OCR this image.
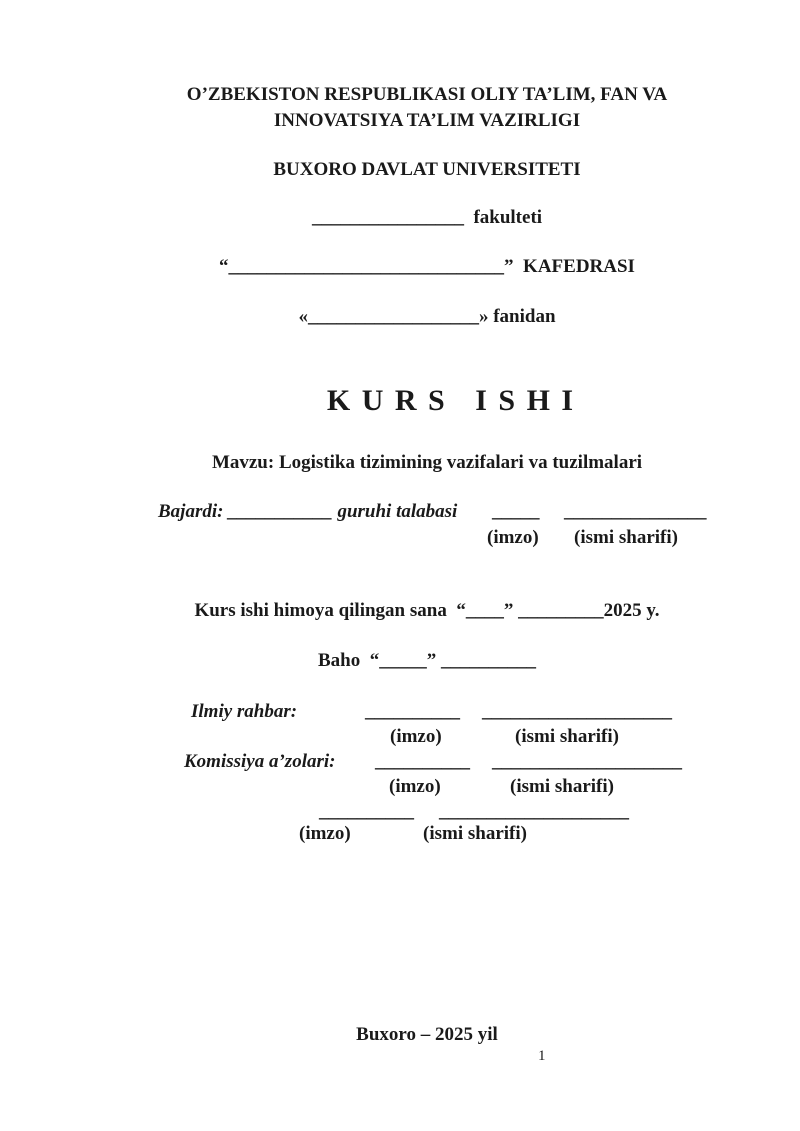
O’ZBEKISTON RESPUBLIKASI OLIY TA’LIM, FAN VA
INNOVATSIYA TA’LIM VAZIRLIGI
BUXORO DAVLAT UNIVERSITETI
________________  fakulteti
“_____________________________”  KAFEDRASI
«__________________» fanidan
K U R S   I S H I
Mavzu: Logistika tizimining vazifalari va tuzilmalari
Bajardi: ___________ guruhi talabasi _____ _______________
(imzo) (ismi sharifi)
Kurs ishi himoya qilingan sana  “____” _________2025 y.
Baho  “_____” __________
Ilmiy rahbar:	__________ ____________________
(imzo)	(ismi sharifi)
Komissiya a’zolari: __________ ____________________
(imzo)	(ismi sharifi)
__________ ____________________
(imzo)	(ismi sharifi)
Buxoro – 2025 yil
1
